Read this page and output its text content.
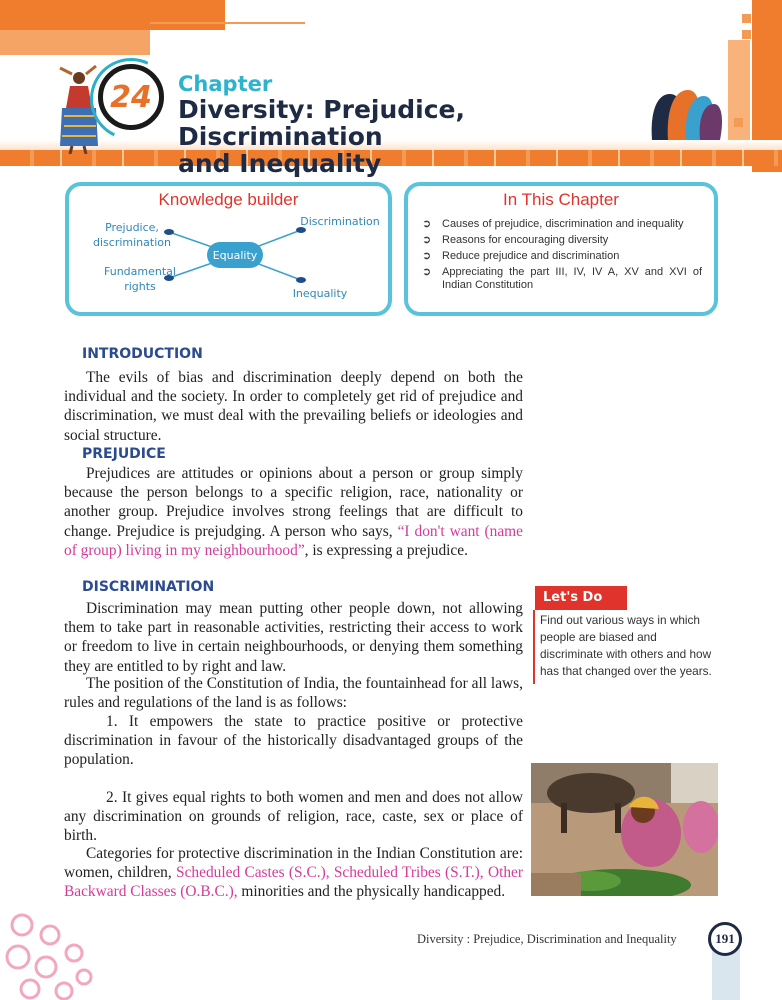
24 Chapter
Diversity: Prejudice, Discrimination
and Inequality
Knowledge builder
Prejudice,
discrimination
Discrimination
Equality
Fundamental
rights
Inequality
In This Chapter
➲ Causes of prejudice, discrimination and inequality
➲ Reasons for encouraging diversity
➲ Reduce prejudice and discrimination
➲ Appreciating the part III, IV, IV A, XV and XVI of Indian Constitution
INTRODUCTION

The evils of bias and discrimination deeply depend on both the individual and the society. In order to completely get rid of prejudice and discrimination, we must deal with the prevailing beliefs or ideologies and social structure.

PREJUDICE

Prejudices are attitudes or opinions about a person or group simply because the person belongs to a specific religion, race, nationality or another group. Prejudice involves strong feelings that are difficult to change. Prejudice is prejudging. A person who says, “I don't want (name of group) living in my neighbourhood”, is expressing a prejudice.

DISCRIMINATION

Discrimination may mean putting other people down, not allowing them to take part in reasonable activities, restricting their access to work or freedom to live in certain neighbourhoods, or denying them something they are entitled to by right and law.

The position of the Constitution of India, the fountainhead for all laws, rules and regulations of the land is as follows:

1. It empowers the state to practice positive or protective discrimination in favour of the historically disadvantaged groups of the population.

2. It gives equal rights to both women and men and does not allow any discrimination on grounds of religion, race, caste, sex or place of birth.

Categories for protective discrimination in the Indian Constitution are: women, children, Scheduled Castes (S.C.), Scheduled Tribes (S.T.), Other Backward Classes (O.B.C.), minorities and the physically handicapped.

Let's Do
Find out various ways in which people are biased and discriminate with others and how has that changed over the years.
Diversity : Prejudice, Discrimination and Inequality	191
